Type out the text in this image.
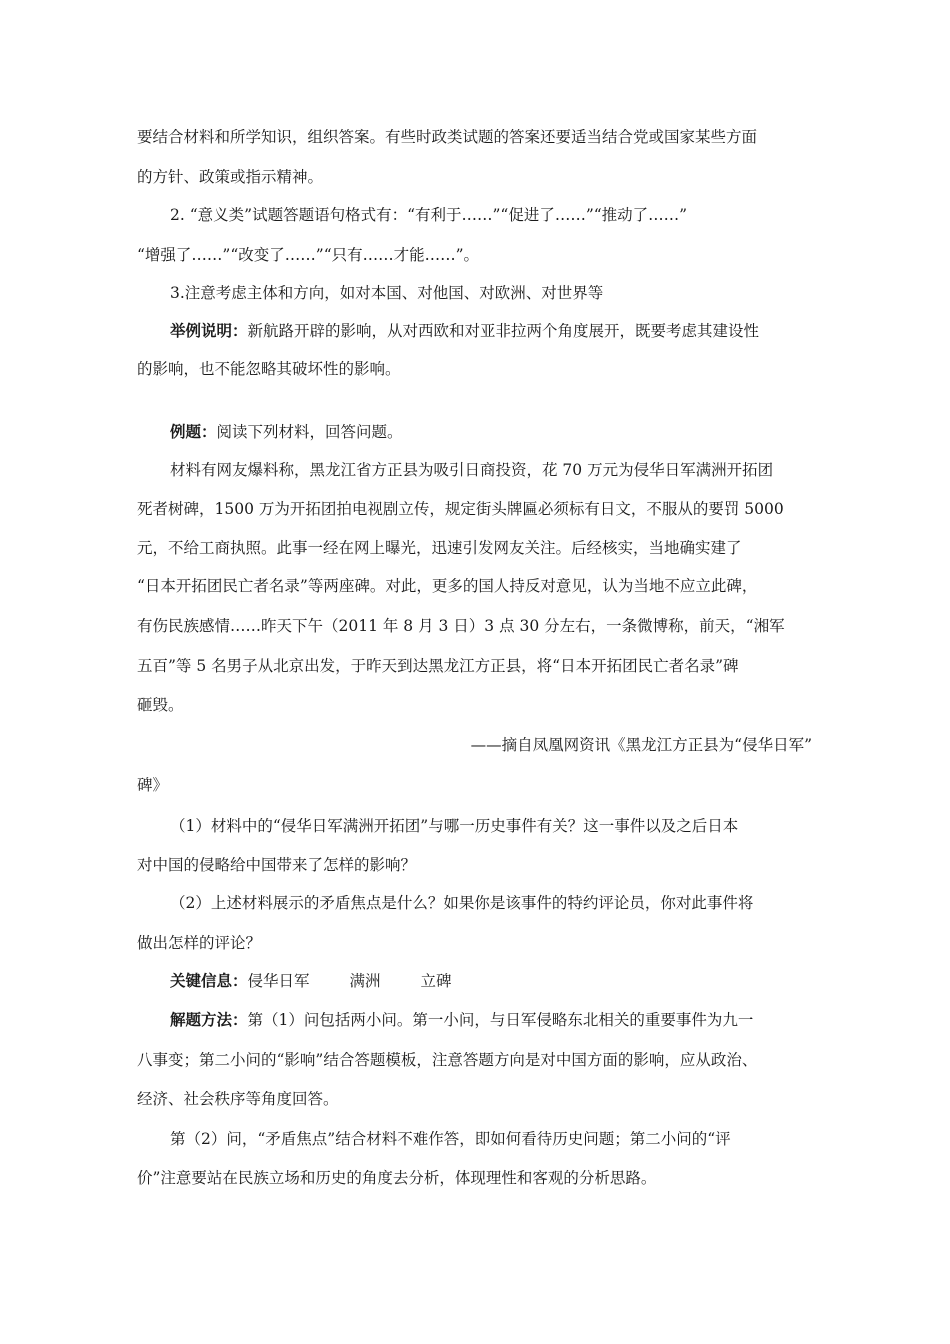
要结合材料和所学知识，组织答案。有些时政类试题的答案还要适当结合党或国家某些方面
的方针、政策或指示精神。
2. “意义类”试题答题语句格式有：“有利于……”“促进了……”“推动了……”
“增强了……”“改变了……”“只有……才能……”。
3.注意考虑主体和方向，如对本国、对他国、对欧洲、对世界等
举例说明：新航路开辟的影响，从对西欧和对亚非拉两个角度展开，既要考虑其建设性
的影响，也不能忽略其破坏性的影响。
例题：阅读下列材料，回答问题。
材料有网友爆料称，黑龙江省方正县为吸引日商投资，花 70 万元为侵华日军满洲开拓团
死者树碑，1500 万为开拓团拍电视剧立传，规定街头牌匾必须标有日文，不服从的要罚 5000
元，不给工商执照。此事一经在网上曝光，迅速引发网友关注。后经核实，当地确实建了
“日本开拓团民亡者名录”等两座碑。对此，更多的国人持反对意见，认为当地不应立此碑，
有伤民族感情……昨天下午（2011 年 8 月 3 日）3 点 30 分左右，一条微博称，前天，“湘军
五百”等 5 名男子从北京出发，于昨天到达黑龙江方正县，将“日本开拓团民亡者名录”碑
砸毁。
——摘自凤凰网资讯《黑龙江方正县为“侵华日军”
碑》
（1）材料中的“侵华日军满洲开拓团”与哪一历史事件有关？这一事件以及之后日本
对中国的侵略给中国带来了怎样的影响？
（2）上述材料展示的矛盾焦点是什么？如果你是该事件的特约评论员，你对此事件将
做出怎样的评论？
关键信息：侵华日军	满洲	立碑
解题方法：第（1）问包括两小问。第一小问，与日军侵略东北相关的重要事件为九一
八事变；第二小问的“影响”结合答题模板，注意答题方向是对中国方面的影响，应从政治、
经济、社会秩序等角度回答。
第（2）问，“矛盾焦点”结合材料不难作答，即如何看待历史问题；第二小问的“评
价”注意要站在民族立场和历史的角度去分析，体现理性和客观的分析思路。
